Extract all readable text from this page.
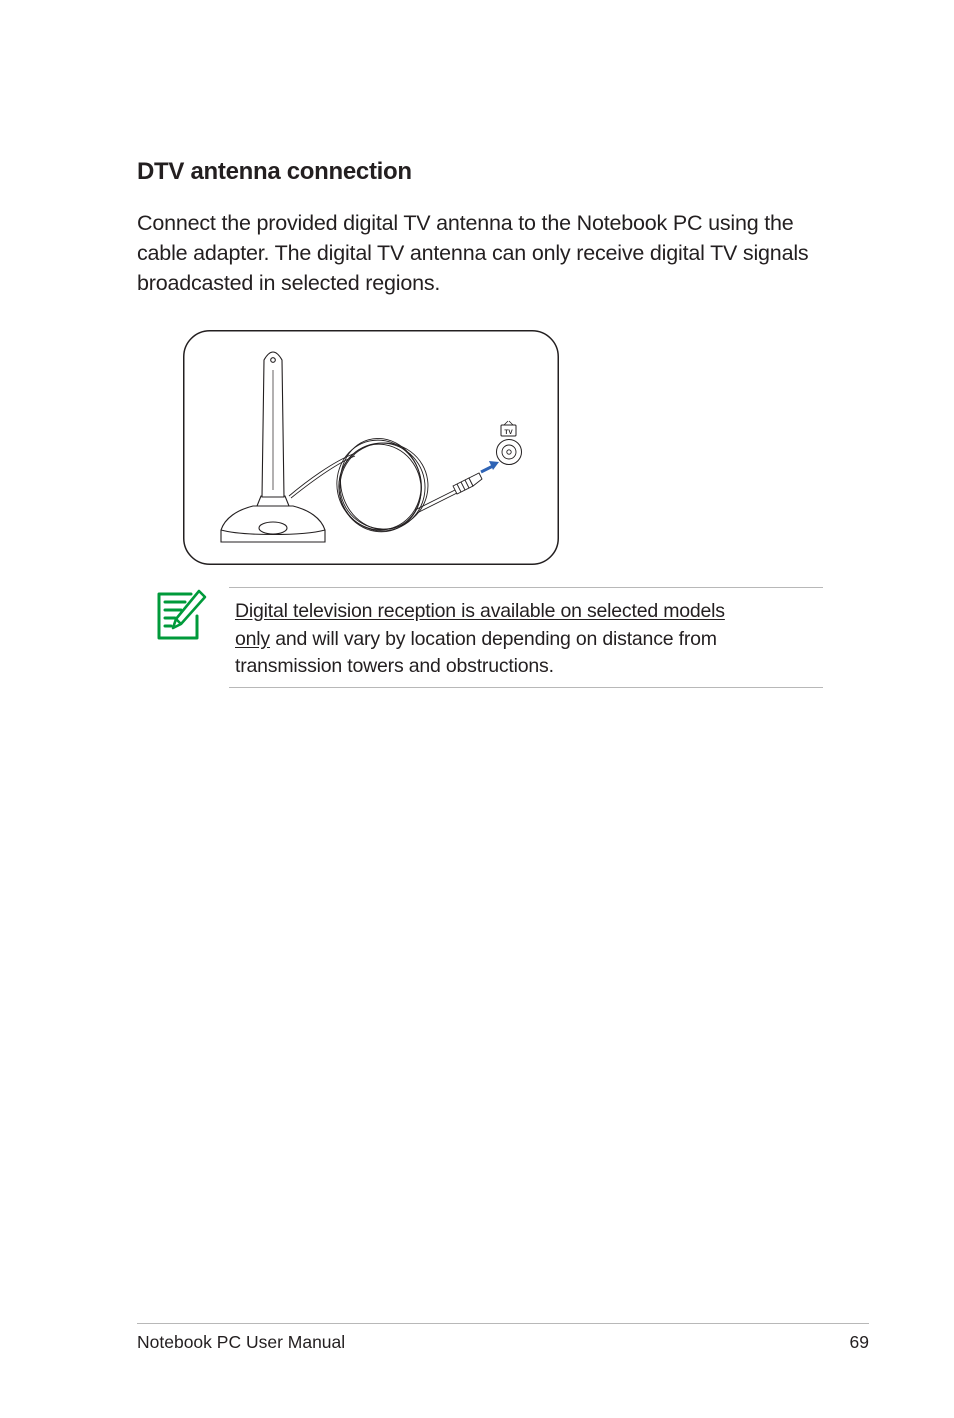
DTV antenna connection

Connect the provided digital TV antenna to the Notebook PC using the cable adapter. The digital TV antenna can only receive digital TV signals broadcasted in selected regions.

TV

Digital television reception is available on selected models
only and will vary by location depending on distance from transmission towers and obstructions.

Notebook PC User Manual	69
